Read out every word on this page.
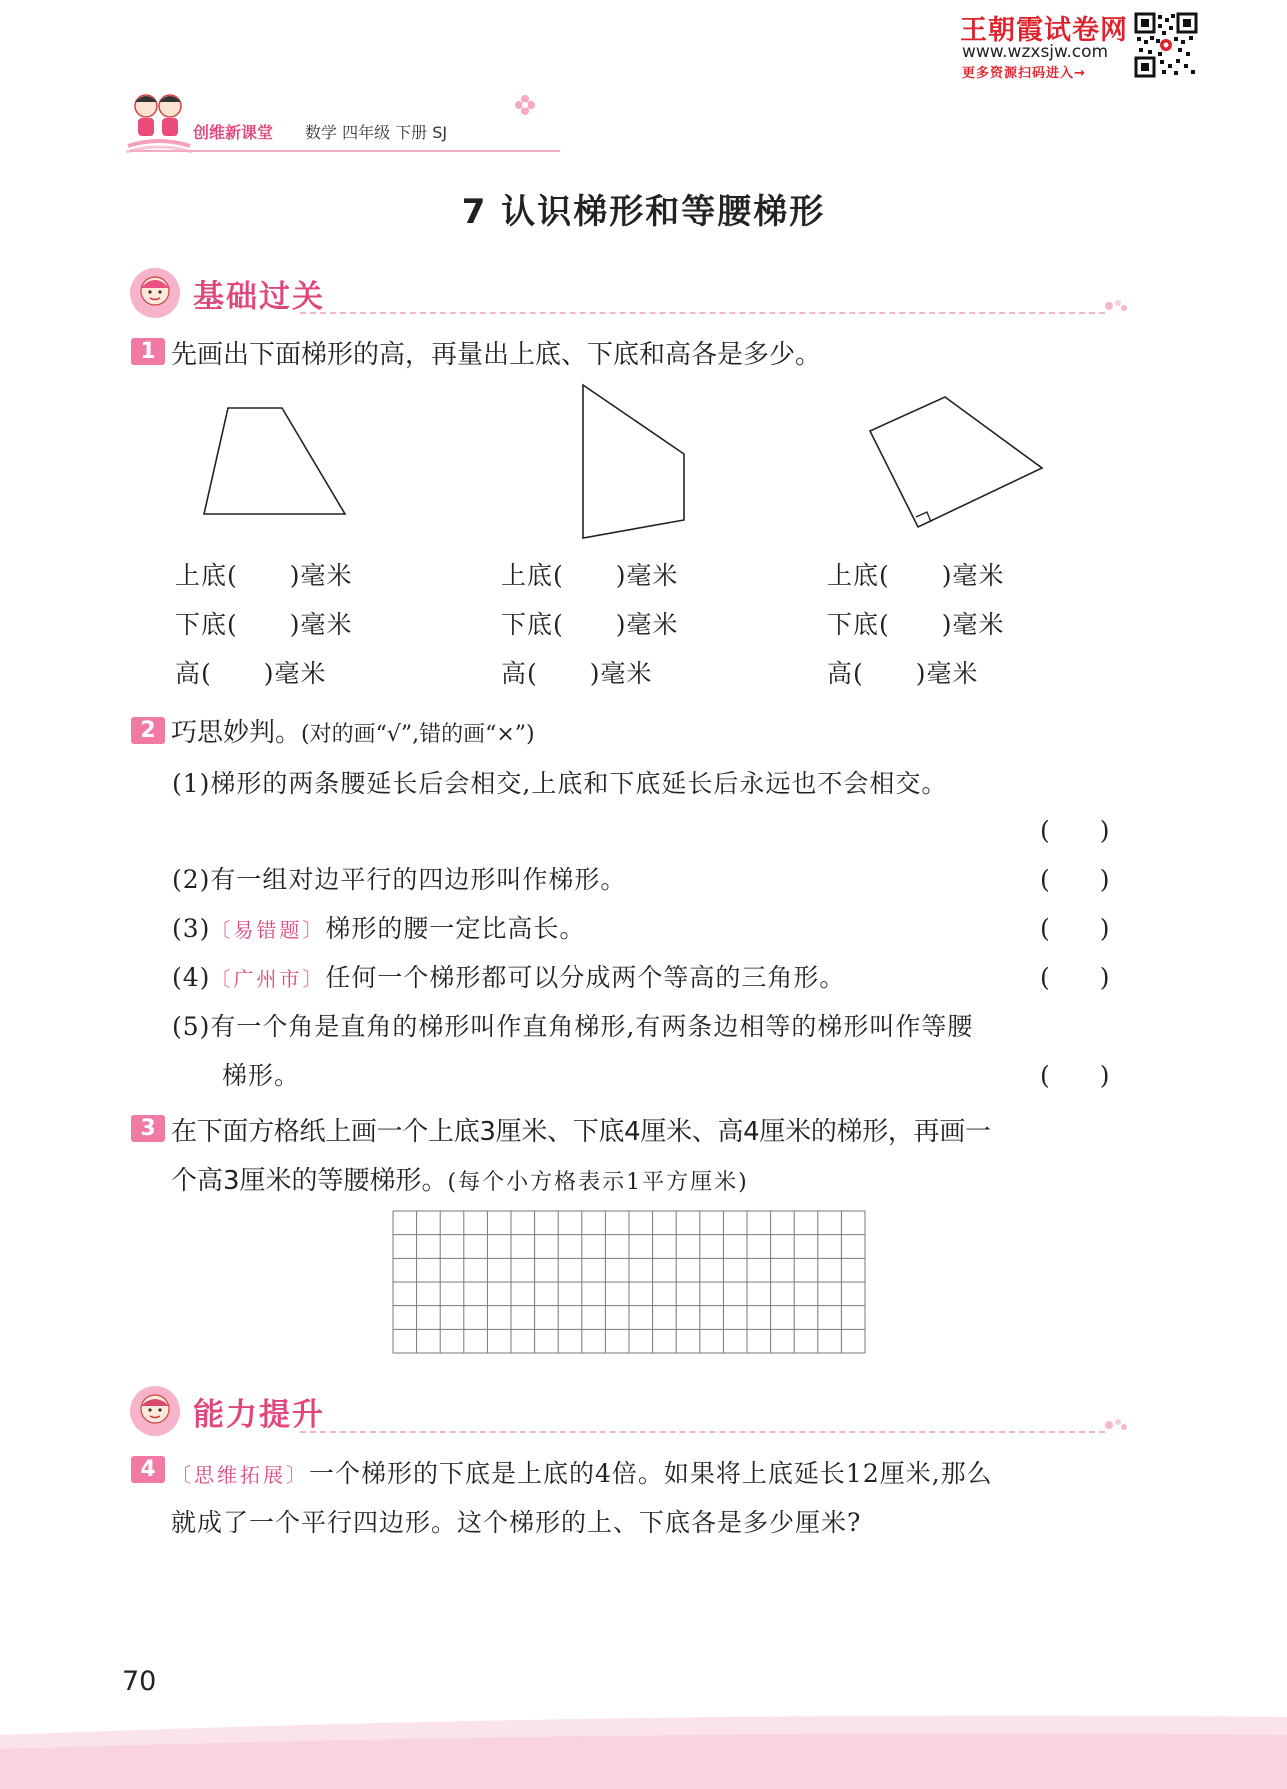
王朝霞试卷网
www.wzxsjw.com
更多资源扫码进入→
创维新课堂 数学 四年级 下册 SJ
7 认识梯形和等腰梯形
基础过关
1 先画出下面梯形的高，再量出上底、下底和高各是多少。
上底(　　)毫米
下底(　　)毫米
高(　　)毫米
上底(　　)毫米
下底(　　)毫米
高(　　)毫米
上底(　　)毫米
下底(　　)毫米
高(　　)毫米
2 巧思妙判。(对的画“√”,错的画“×”)
(1)梯形的两条腰延长后会相交,上底和下底延长后永远也不会相交。
(　　)
(2)有一组对边平行的四边形叫作梯形。	(　　)
(3)〔易错题〕梯形的腰一定比高长。	(　　)
(4)〔广州市〕任何一个梯形都可以分成两个等高的三角形。	(　　)
(5)有一个角是直角的梯形叫作直角梯形,有两条边相等的梯形叫作等腰
梯形。	(　　)
3 在下面方格纸上画一个上底3厘米、下底4厘米、高4厘米的梯形，再画一
个高3厘米的等腰梯形。(每个小方格表示1平方厘米)
能力提升
4 〔思维拓展〕一个梯形的下底是上底的4倍。如果将上底延长12厘米,那么
就成了一个平行四边形。这个梯形的上、下底各是多少厘米?
70
